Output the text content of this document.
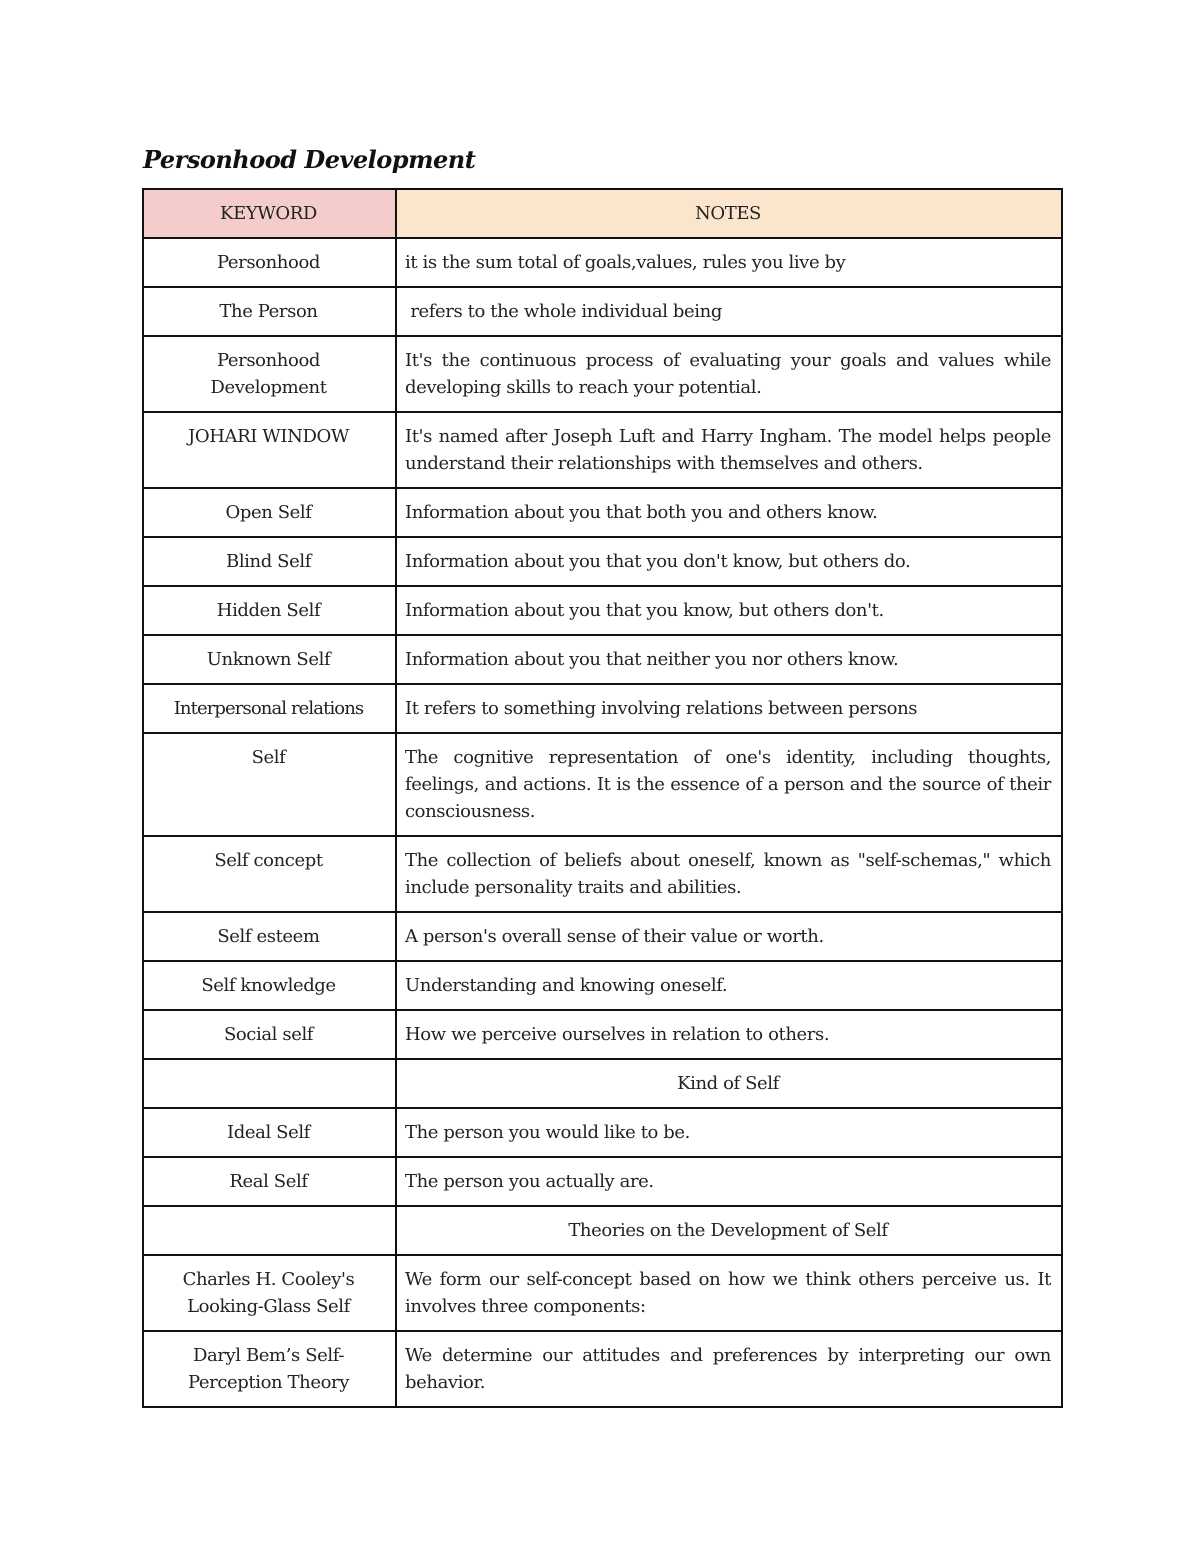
Personhood Development
KEYWORD	NOTES
Personhood	it is the sum total of goals,values, rules you live by
The Person	refers to the whole individual being
Personhood Development	It's the continuous process of evaluating your goals and values while developing skills to reach your potential.
JOHARI WINDOW	It's named after Joseph Luft and Harry Ingham. The model helps people understand their relationships with themselves and others.
Open Self	Information about you that both you and others know.
Blind Self	Information about you that you don't know, but others do.
Hidden Self	Information about you that you know, but others don't.
Unknown Self	Information about you that neither you nor others know.
Interpersonal relations	It refers to something involving relations between persons
Self	The cognitive representation of one's identity, including thoughts, feelings, and actions. It is the essence of a person and the source of their consciousness.
Self concept	The collection of beliefs about oneself, known as "self-schemas," which include personality traits and abilities.
Self esteem	A person's overall sense of their value or worth.
Self knowledge	Understanding and knowing oneself.
Social self	How we perceive ourselves in relation to others.
	Kind of Self
Ideal Self	The person you would like to be.
Real Self	The person you actually are.
	Theories on the Development of Self
Charles H. Cooley's Looking-Glass Self	We form our self-concept based on how we think others perceive us. It involves three components:
Daryl Bem’s Self-Perception Theory	We determine our attitudes and preferences by interpreting our own behavior.
